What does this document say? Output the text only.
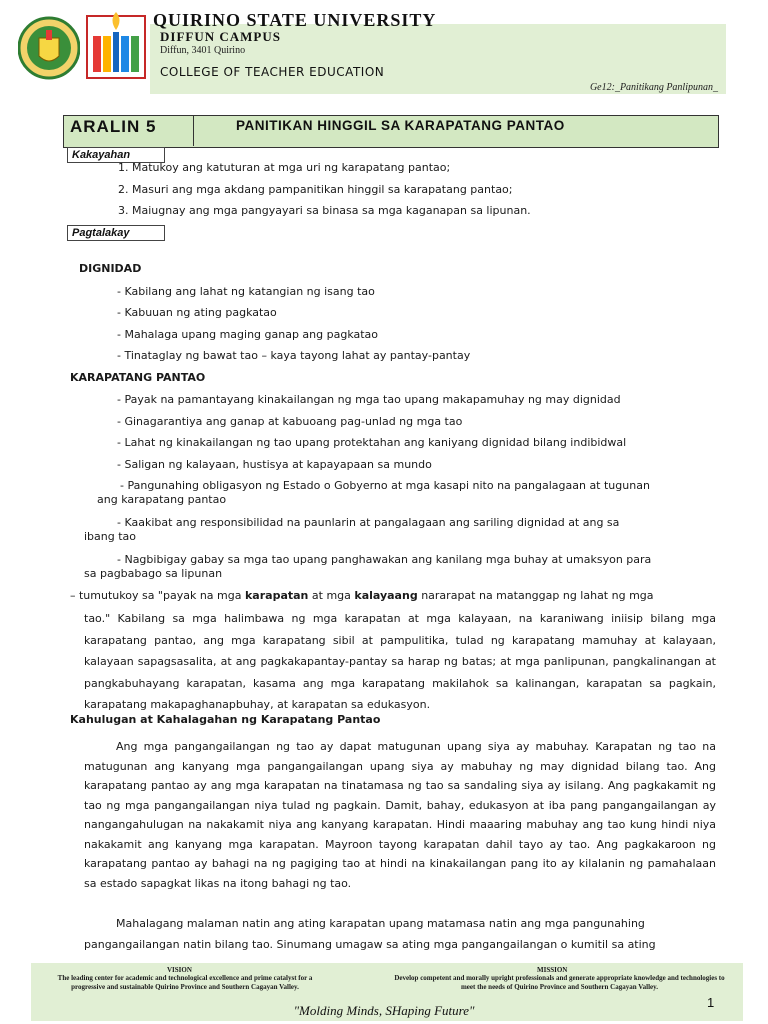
QUIRINO STATE UNIVERSITY
DIFFUN CAMPUS
Diffun, 3401 Quirino
COLLEGE OF TEACHER EDUCATION
Ge12:_Panitikang Panlipunan_
ARALIN 5	PANITIKAN HINGGIL SA KARAPATANG PANTAO
Kakayahan
1. Matukoy ang katuturan at mga uri ng karapatang pantao;
2. Masuri ang mga akdang pampanitikan hinggil sa karapatang pantao;
3. Maiugnay ang mga pangyayari sa binasa sa mga kaganapan sa lipunan.
Pagtalakay
DIGNIDAD
- Kabilang ang lahat ng katangian ng isang tao
- Kabuuan ng ating pagkatao
- Mahalaga upang maging ganap ang pagkatao
- Tinataglay ng bawat tao – kaya tayong lahat ay pantay-pantay
KARAPATANG PANTAO
- Payak na pamantayang kinakailangan ng mga tao upang makapamuhay ng may dignidad
- Ginagarantiya ang ganap at kabuoang pag-unlad ng mga tao
- Lahat ng kinakailangan ng tao upang protektahan ang kaniyang dignidad bilang indibidwal
- Saligan ng kalayaan, hustisya at kapayapaan sa mundo
- Pangunahing obligasyon ng Estado o Gobyerno at mga kasapi nito na pangalagaan at tugunan
ang karapatang pantao
- Kaakibat ang responsibilidad na paunlarin at pangalagaan ang sariling dignidad at ang sa
ibang tao
- Nagbibigay gabay sa mga tao upang panghawakan ang kanilang mga buhay at umaksyon para
sa pagbabago sa lipunan
– tumutukoy sa "payak na mga karapatan at mga kalayaang nararapat na matanggap ng lahat ng mga
tao." Kabilang sa mga halimbawa ng mga karapatan at mga kalayaan, na karaniwang iniisip bilang mga karapatang pantao, ang mga karapatang sibil at pampulitika, tulad ng karapatang mamuhay at kalayaan, kalayaan sapagsasalita, at ang pagkakapantay-pantay sa harap ng batas; at mga panlipunan, pangkalinangan at pangkabuhayang karapatan, kasama ang mga karapatang makilahok sa kalinangan, karapatan sa pagkain, karapatang makapaghanapbuhay, at karapatan sa edukasyon.
Kahulugan at Kahalagahan ng Karapatang Pantao
Ang mga pangangailangan ng tao ay dapat matugunan upang siya ay mabuhay. Karapatan ng tao na matugunan ang kanyang mga pangangailangan upang siya ay mabuhay ng may dignidad bilang tao. Ang karapatang pantao ay ang mga karapatan na tinatamasa ng tao sa sandaling siya ay isilang. Ang pagkakamit ng tao ng mga pangangailangan niya tulad ng pagkain. Damit, bahay, edukasyon at iba pang pangangailangan ay nangangahulugan na nakakamit niya ang kanyang karapatan. Hindi maaaring mabuhay ang tao kung hindi niya nakakamit ang kanyang mga karapatan. Mayroon tayong karapatan dahil tayo ay tao. Ang pagkakaroon ng karapatang pantao ay bahagi na ng pagiging tao at hindi na kinakailangan pang ito ay kilalanin ng pamahalaan sa estado sapagkat likas na itong bahagi ng tao.
Mahalagang malaman natin ang ating karapatan upang matamasa natin ang mga pangunahing
pangangailangan natin bilang tao. Sinumang umagaw sa ating mga pangangailangan o kumitil sa ating
VISION
The leading center for academic and technological excellence and prime catalyst for a progressive and sustainable Quirino Province and Southern Cagayan Valley.
MISSION
Develop competent and morally upright professionals and generate appropriate knowledge and technologies to meet the needs of Quirino Province and Southern Cagayan Valley.
"Molding Minds, SHaping Future"
1
